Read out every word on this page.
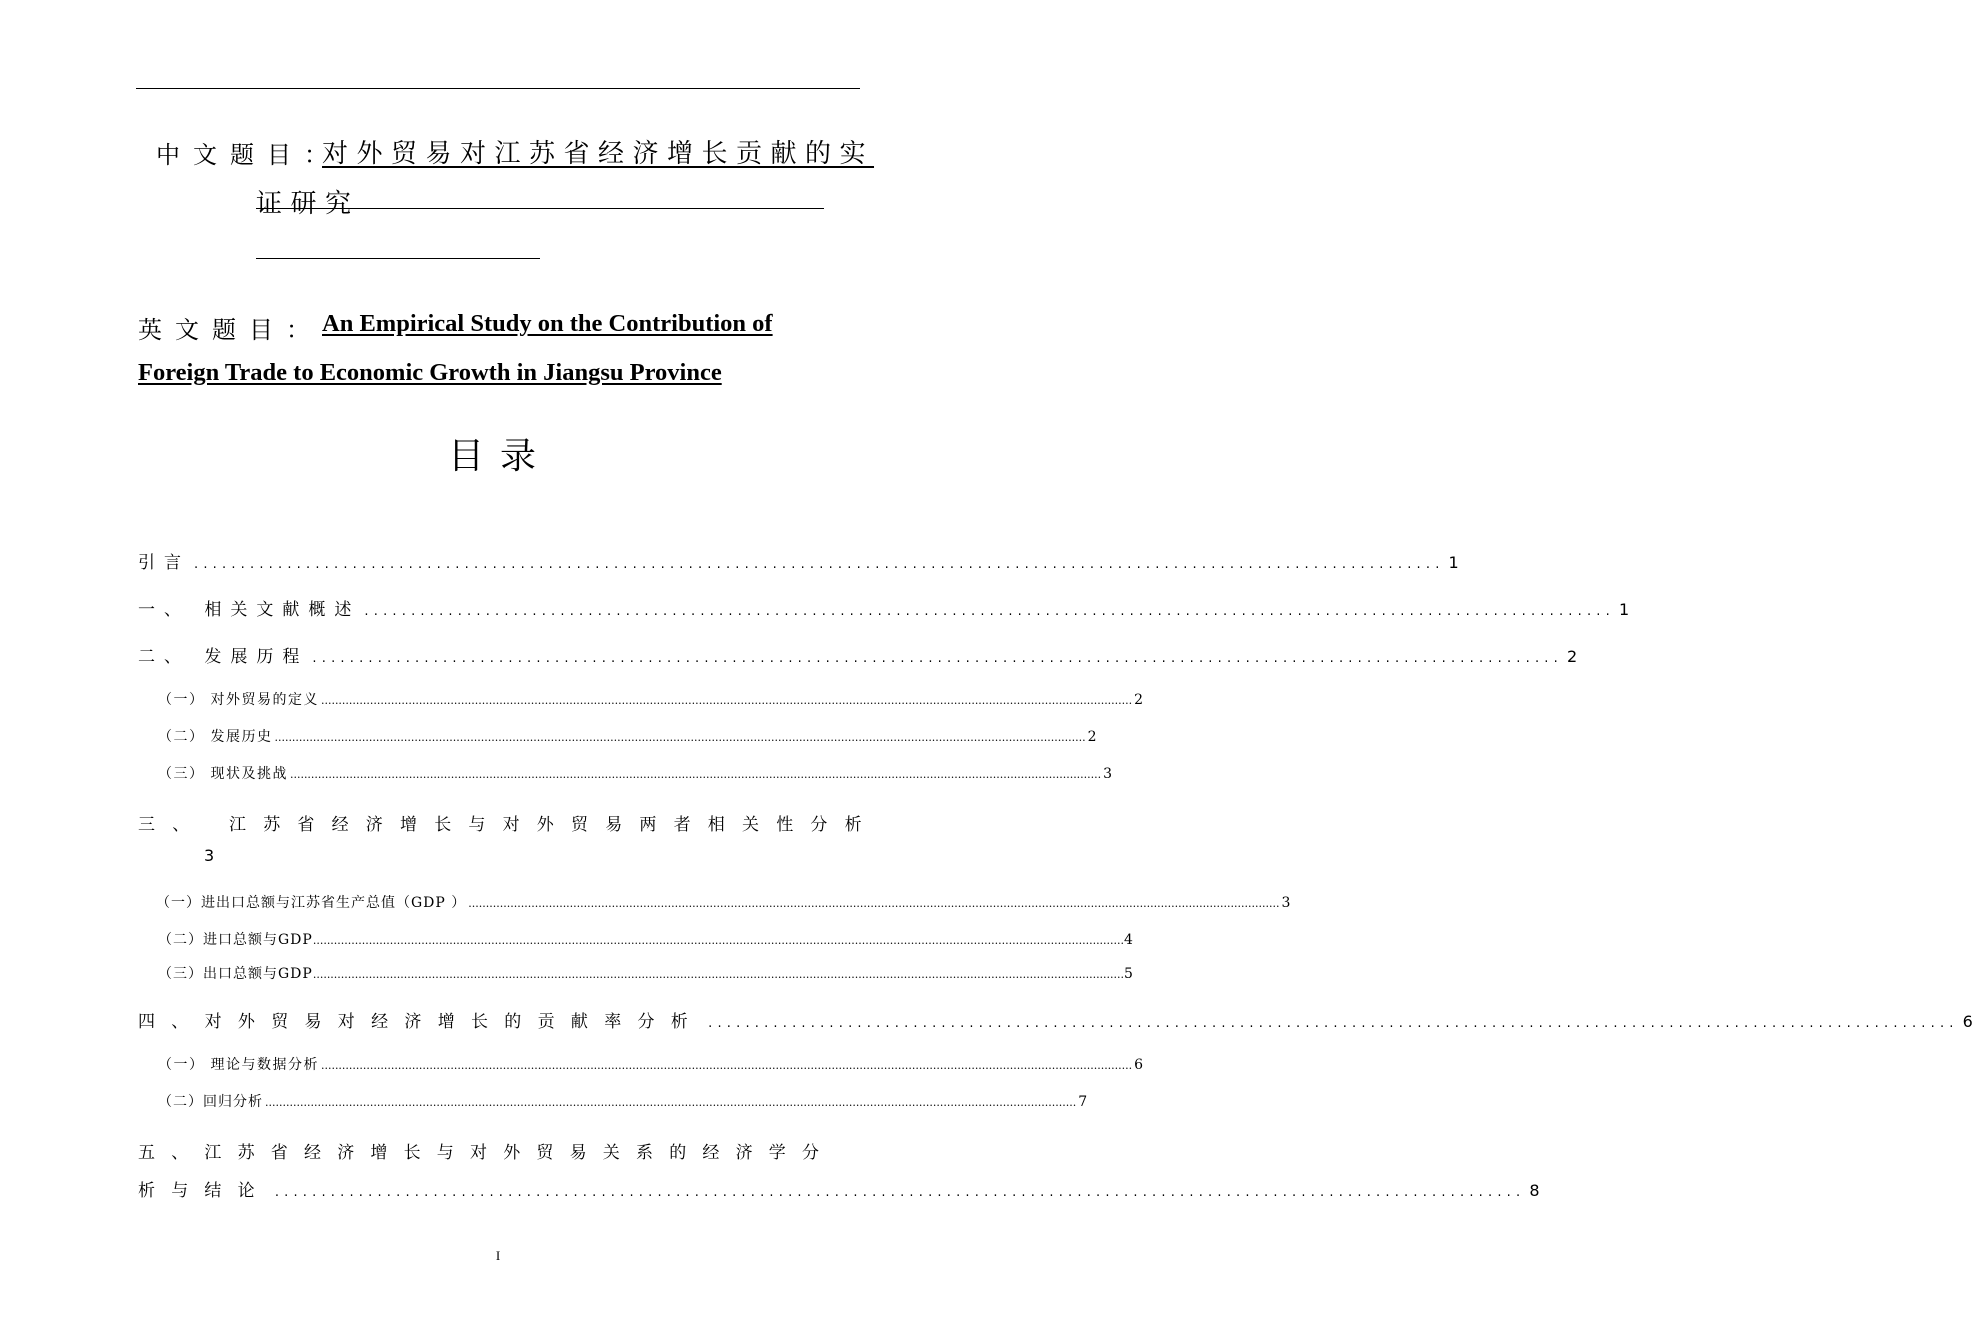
中文题目：
对外贸易对江苏省经济增长贡献的实
证研究
英文题目： An Empirical Study on the Contribution of
Foreign Trade to Economic Growth in Jiangsu Province
目录
引言 ...................................................................................................................................... 1
一、 相关文献概述 ...................................................................................................................................... 1
二、 发展历程 ...................................................................................................................................... 2
（一） 对外贸易的定义 ........................................................................................................................................................................................................................................ 2
（二） 发展历史 ........................................................................................................................................................................................................................................ 2
（三） 现状及挑战 ........................................................................................................................................................................................................................................ 3
三、 江苏省经济增长与对外贸易两者相关性分析
3
（一）进出口总额与江苏省生产总值（GDP ） ........................................................................................................................................................................................................................................ 3
（二）进口总额与GDP ........................................................................................................................................................................................................................................ 4
（三）出口总额与GDP ........................................................................................................................................................................................................................................ 5
四、对外贸易对经济增长的贡献率分析 ...................................................................................................................................... 6
（一） 理论与数据分析 ........................................................................................................................................................................................................................................ 6
（二）回归分析 ........................................................................................................................................................................................................................................ 7
五、江苏省经济增长与对外贸易关系的经济学分
析与结论 ...................................................................................................................................... 8
I
